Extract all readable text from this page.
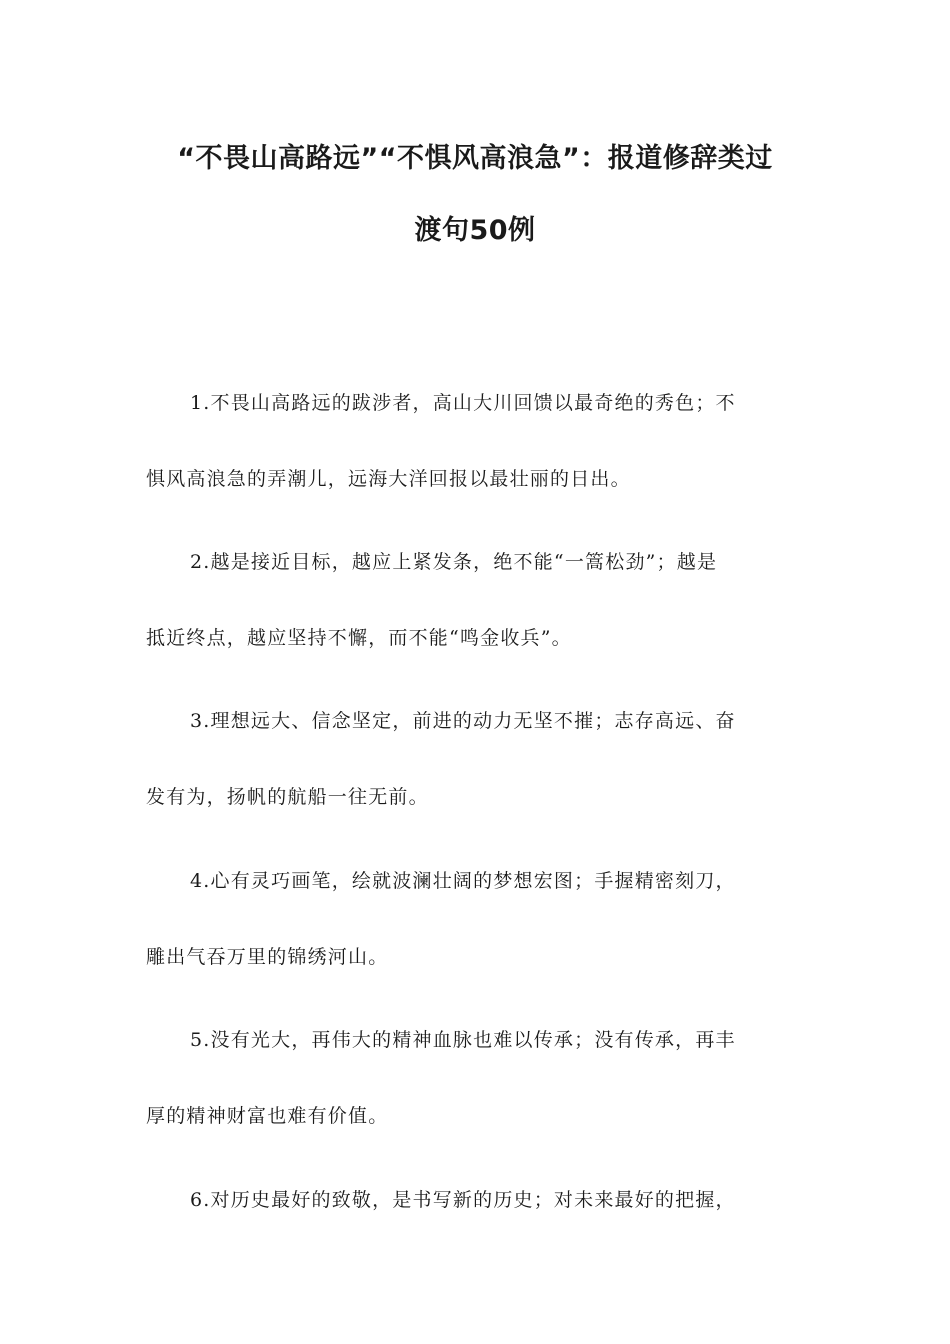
“不畏山高路远”“不惧风高浪急”：报道修辞类过
渡句50例
1.不畏山高路远的跋涉者，高山大川回馈以最奇绝的秀色；不
惧风高浪急的弄潮儿，远海大洋回报以最壮丽的日出。
2.越是接近目标，越应上紧发条，绝不能“一篙松劲”；越是
抵近终点，越应坚持不懈，而不能“鸣金收兵”。
3.理想远大、信念坚定，前进的动力无坚不摧；志存高远、奋
发有为，扬帆的航船一往无前。
4.心有灵巧画笔，绘就波澜壮阔的梦想宏图；手握精密刻刀，
雕出气吞万里的锦绣河山。
5.没有光大，再伟大的精神血脉也难以传承；没有传承，再丰
厚的精神财富也难有价值。
6.对历史最好的致敬，是书写新的历史；对未来最好的把握，
